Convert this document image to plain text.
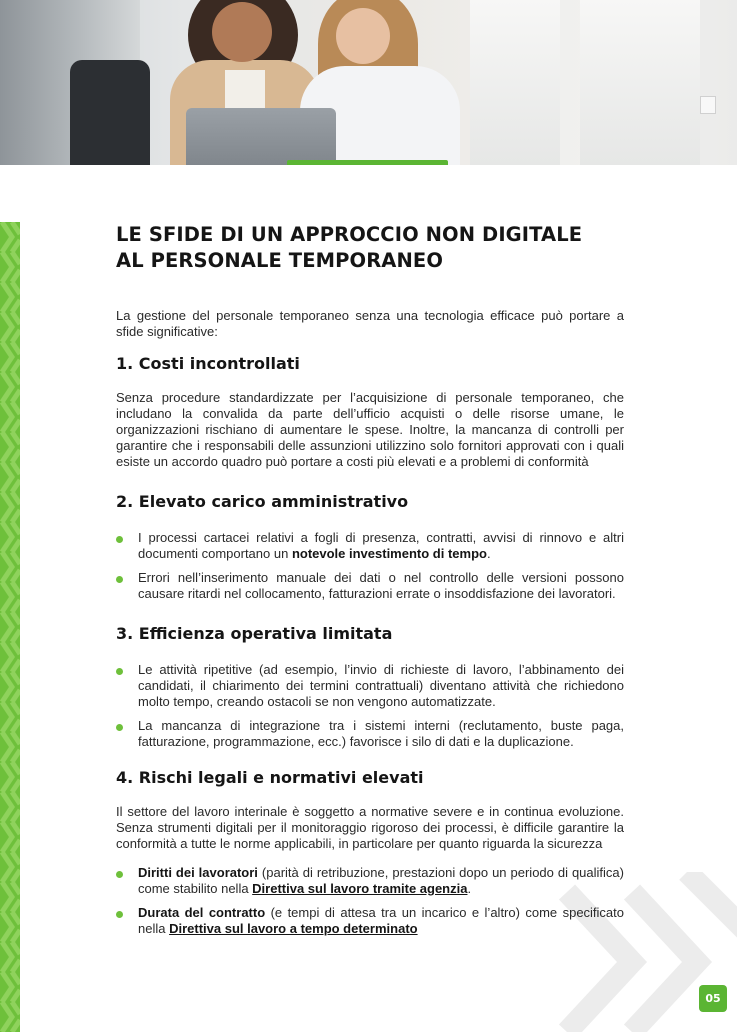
05
LE SFIDE DI UN APPROCCIO NON DIGITALE
AL PERSONALE TEMPORANEO

La gestione del personale temporaneo senza una tecnologia efficace può portare a sfide significative:

1. Costi incontrollati

Senza procedure standardizzate per l’acquisizione di personale temporaneo, che includano la convalida da parte dell’ufficio acquisti o delle risorse umane, le organizzazioni rischiano di aumentare le spese. Inoltre, la mancanza di controlli per garantire che i responsabili delle assunzioni utilizzino solo fornitori approvati con i quali esiste un accordo quadro può portare a costi più elevati e a problemi di conformità

2. Elevato carico amministrativo
I processi cartacei relativi a fogli di presenza, contratti, avvisi di rinnovo e altri documenti comportano un notevole investimento di tempo.
Errori nell’inserimento manuale dei dati o nel controllo delle versioni possono causare ritardi nel collocamento, fatturazioni errate o insoddisfazione dei lavoratori.
3. Efficienza operativa limitata
Le attività ripetitive (ad esempio, l’invio di richieste di lavoro, l’abbinamento dei candidati, il chiarimento dei termini contrattuali) diventano attività che richiedono molto tempo, creando ostacoli se non vengono automatizzate.
La mancanza di integrazione tra i sistemi interni (reclutamento, buste paga, fatturazione, programmazione, ecc.) favorisce i silo di dati e la duplicazione.
4. Rischi legali e normativi elevati

Il settore del lavoro interinale è soggetto a normative severe e in continua evoluzione. Senza strumenti digitali per il monitoraggio rigoroso dei processi, è difficile garantire la conformità a tutte le norme applicabili, in particolare per quanto riguarda la sicurezza

Diritti dei lavoratori (parità di retribuzione, prestazioni dopo un periodo di qualifica) come stabilito nella Direttiva sul lavoro tramite agenzia.
Durata del contratto (e tempi di attesa tra un incarico e l’altro) come specificato nella Direttiva sul lavoro a tempo determinato
